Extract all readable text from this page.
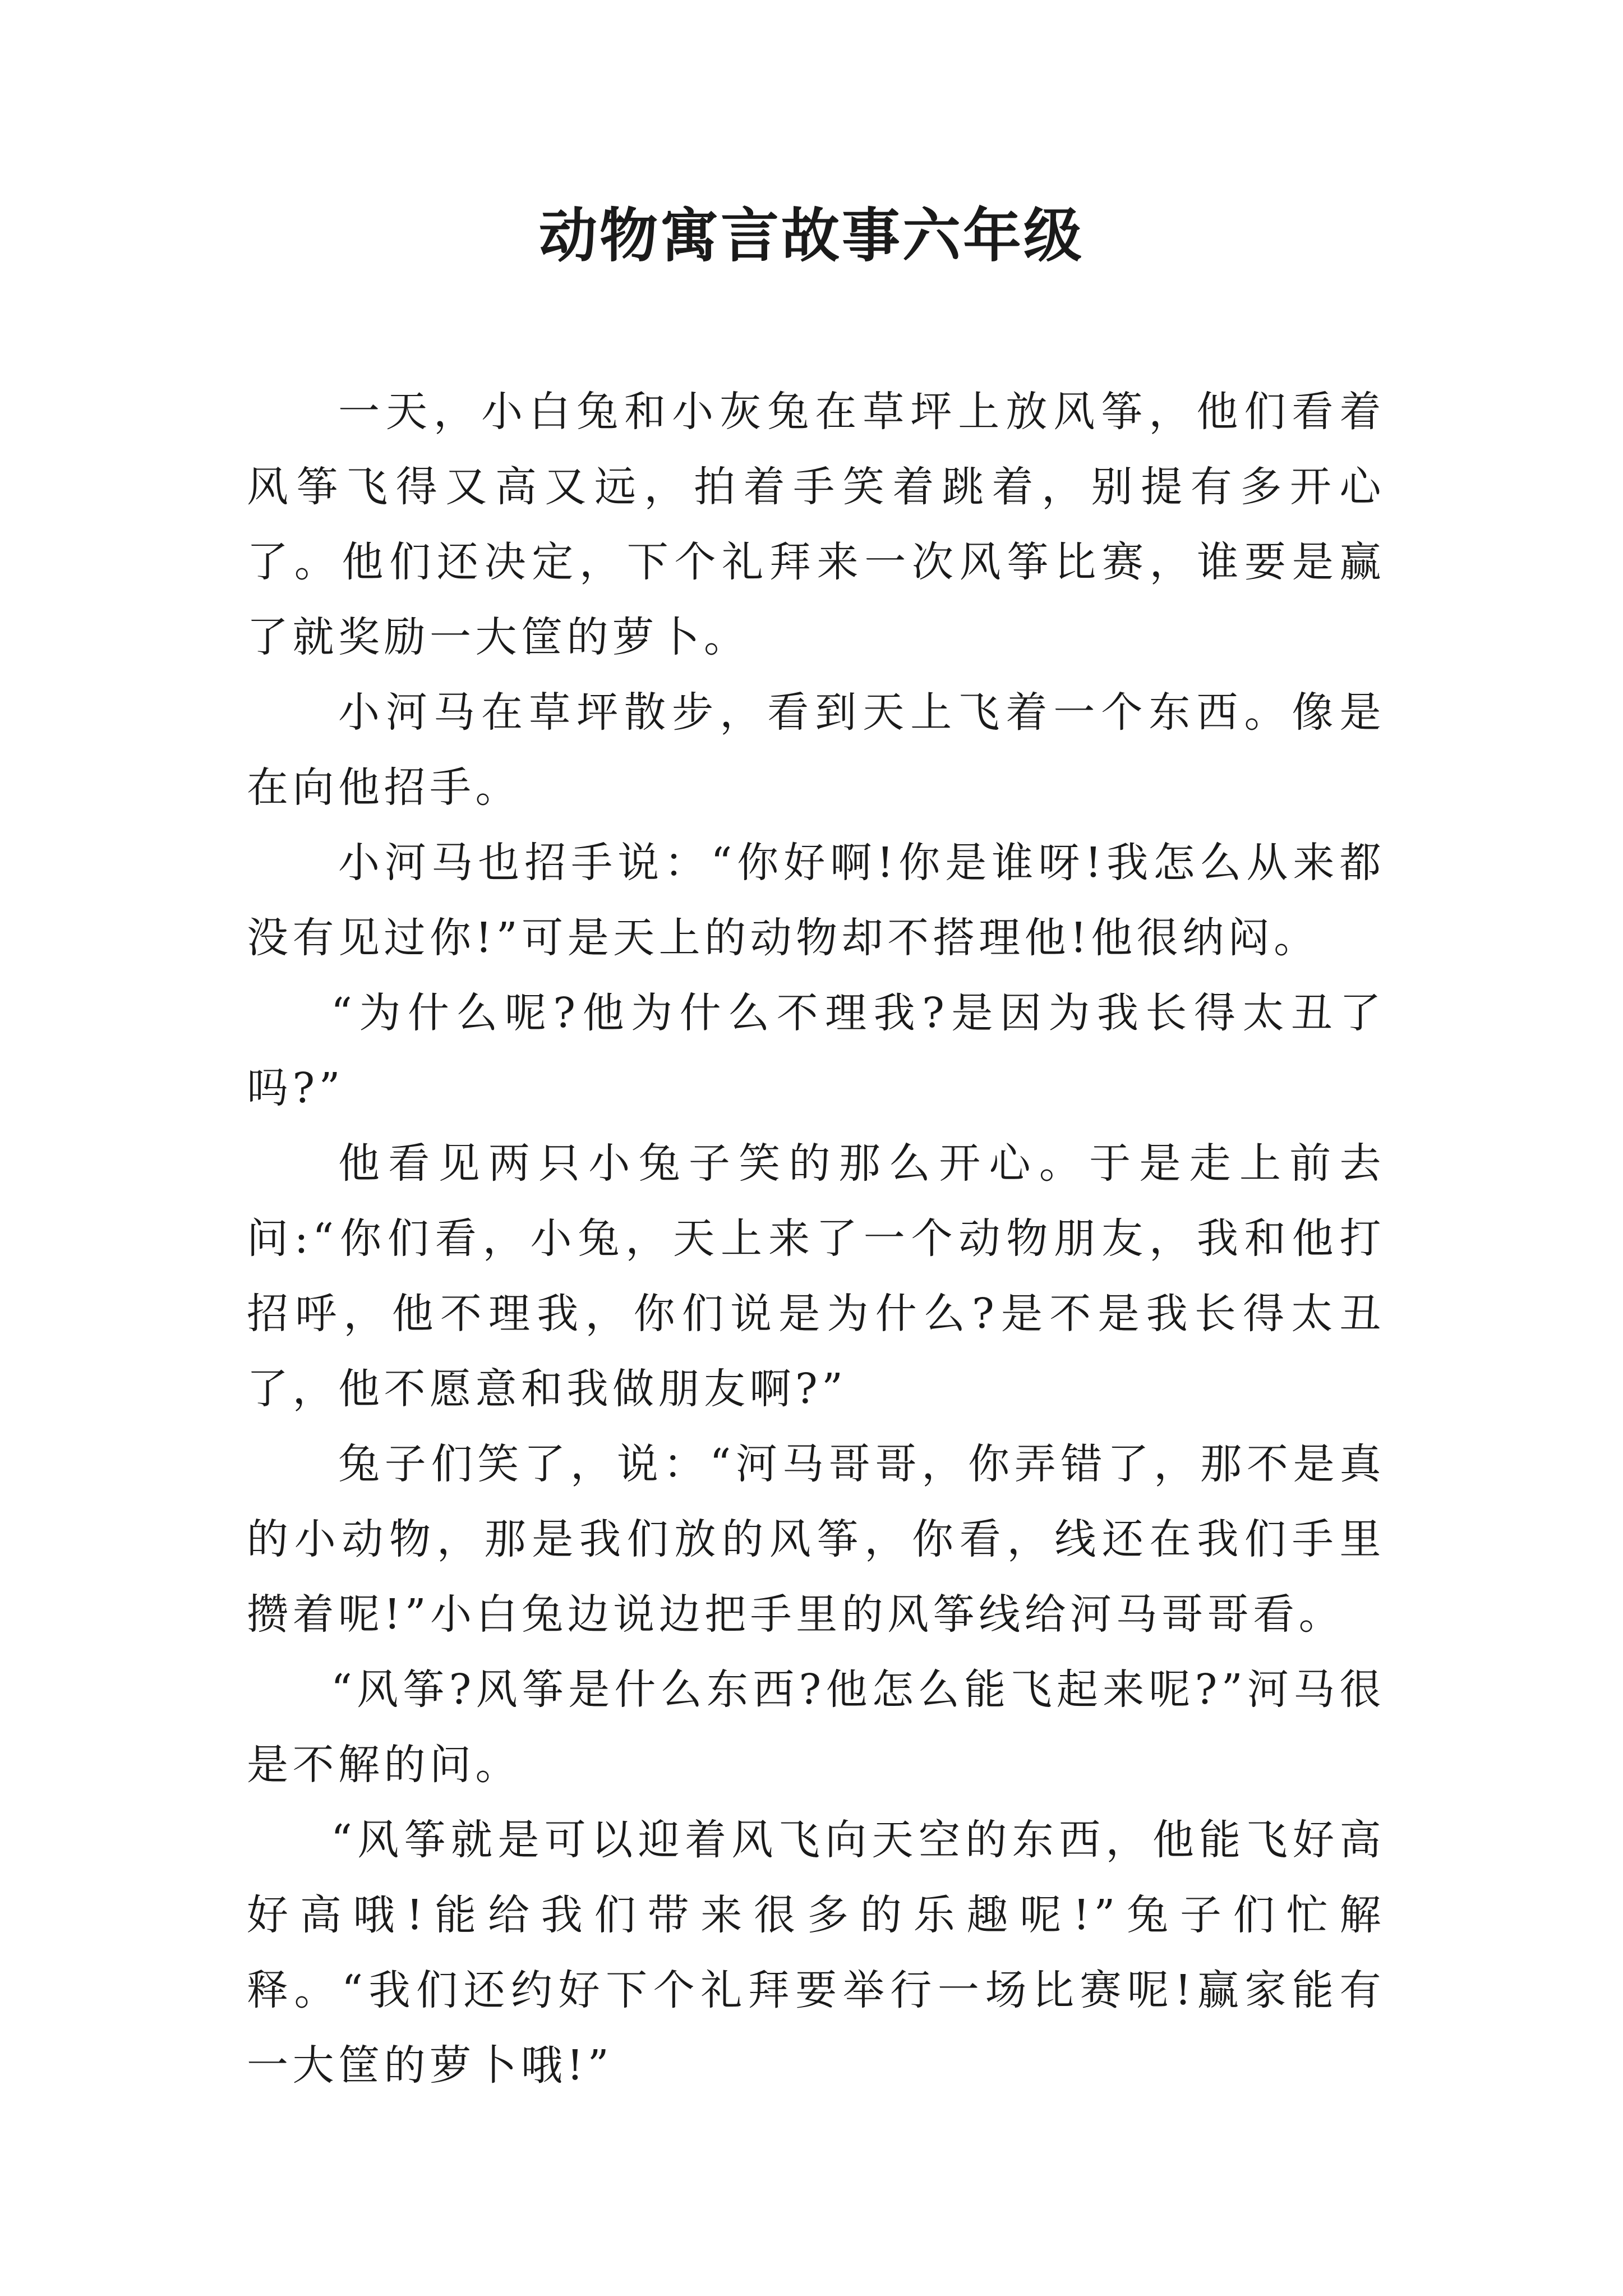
动物寓言故事六年级

一天，小白兔和小灰兔在草坪上放风筝，他们看着风筝飞得又高又远，拍着手笑着跳着，别提有多开心了。他们还决定，下个礼拜来一次风筝比赛，谁要是赢了就奖励一大筐的萝卜。

小河马在草坪散步，看到天上飞着一个东西。像是在向他招手。

小河马也招手说：“你好啊!你是谁呀!我怎么从来都没有见过你!”可是天上的动物却不搭理他!他很纳闷。

“为什么呢?他为什么不理我?是因为我长得太丑了吗?”

他看见两只小兔子笑的那么开心。于是走上前去问:“你们看，小兔，天上来了一个动物朋友，我和他打招呼，他不理我，你们说是为什么?是不是我长得太丑了，他不愿意和我做朋友啊?”

兔子们笑了，说：“河马哥哥，你弄错了，那不是真的小动物，那是我们放的风筝，你看，线还在我们手里攒着呢!”小白兔边说边把手里的风筝线给河马哥哥看。

“风筝?风筝是什么东西?他怎么能飞起来呢?”河马很是不解的问。

“风筝就是可以迎着风飞向天空的东西，他能飞好高好高哦!能给我们带来很多的乐趣呢!”兔子们忙解释。“我们还约好下个礼拜要举行一场比赛呢!赢家能有一大筐的萝卜哦!”
